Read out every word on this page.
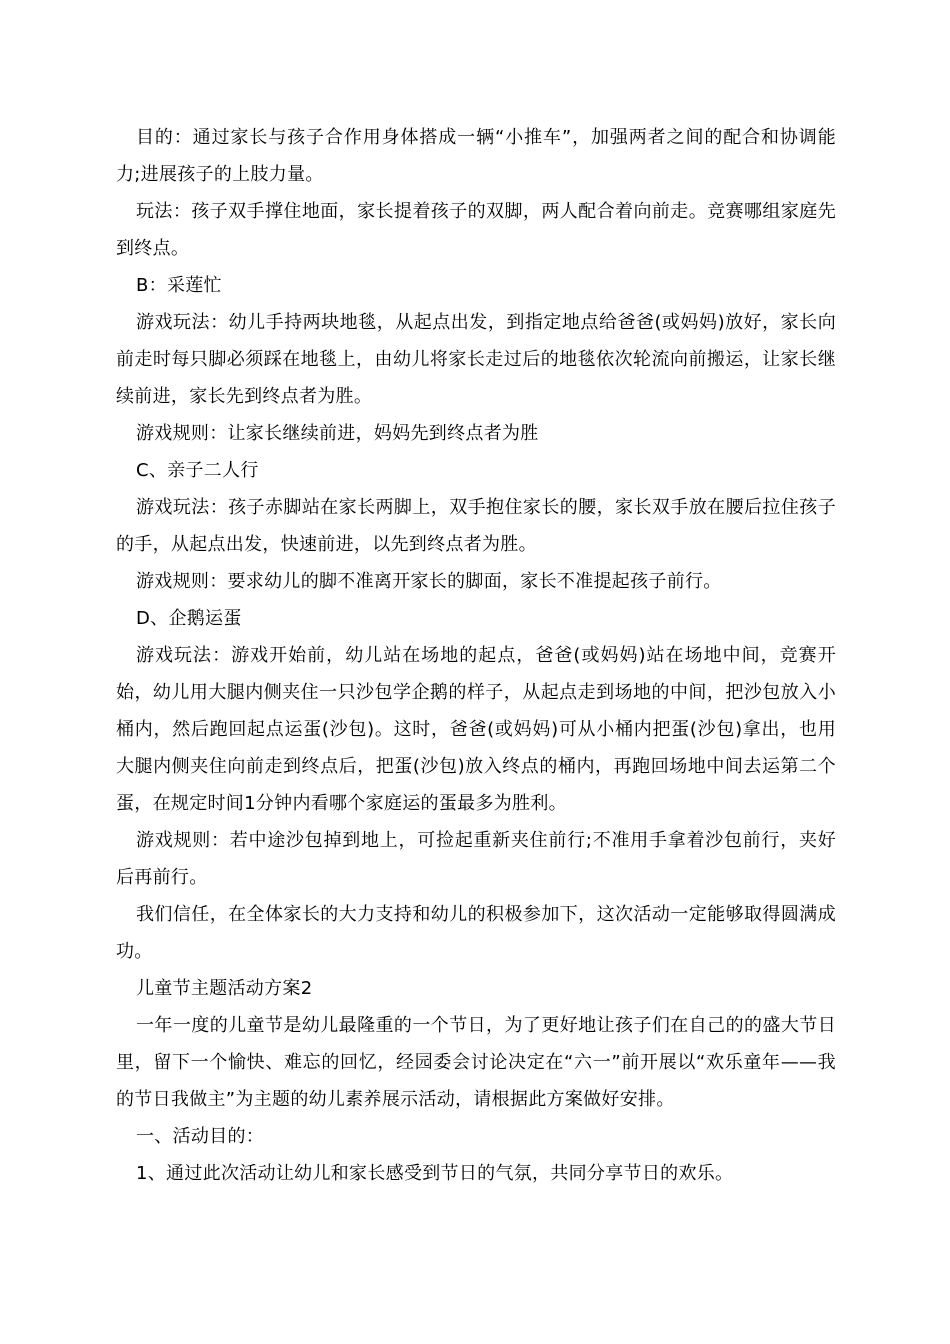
目的：通过家长与孩子合作用身体搭成一辆“小推车”，加强两者之间的配合和协调能力;进展孩子的上肢力量。

玩法：孩子双手撑住地面，家长提着孩子的双脚，两人配合着向前走。竞赛哪组家庭先到终点。

B：采莲忙

游戏玩法：幼儿手持两块地毯，从起点出发，到指定地点给爸爸(或妈妈)放好，家长向前走时每只脚必须踩在地毯上，由幼儿将家长走过后的地毯依次轮流向前搬运，让家长继续前进，家长先到终点者为胜。

游戏规则：让家长继续前进，妈妈先到终点者为胜

C、亲子二人行

游戏玩法：孩子赤脚站在家长两脚上，双手抱住家长的腰，家长双手放在腰后拉住孩子的手，从起点出发，快速前进，以先到终点者为胜。

游戏规则：要求幼儿的脚不准离开家长的脚面，家长不准提起孩子前行。

D、企鹅运蛋

游戏玩法：游戏开始前，幼儿站在场地的起点，爸爸(或妈妈)站在场地中间，竞赛开始，幼儿用大腿内侧夹住一只沙包学企鹅的样子，从起点走到场地的中间，把沙包放入小桶内，然后跑回起点运蛋(沙包)。这时，爸爸(或妈妈)可从小桶内把蛋(沙包)拿出，也用大腿内侧夹住向前走到终点后，把蛋(沙包)放入终点的桶内，再跑回场地中间去运第二个蛋，在规定时间1分钟内看哪个家庭运的蛋最多为胜利。

游戏规则：若中途沙包掉到地上，可捡起重新夹住前行;不准用手拿着沙包前行，夹好后再前行。

我们信任，在全体家长的大力支持和幼儿的积极参加下，这次活动一定能够取得圆满成功。

儿童节主题活动方案2

一年一度的儿童节是幼儿最隆重的一个节日，为了更好地让孩子们在自己的的盛大节日里，留下一个愉快、难忘的回忆，经园委会讨论决定在“六一”前开展以“欢乐童年——我的节日我做主”为主题的幼儿素养展示活动，请根据此方案做好安排。

一、活动目的：

1、通过此次活动让幼儿和家长感受到节日的气氛，共同分享节日的欢乐。
